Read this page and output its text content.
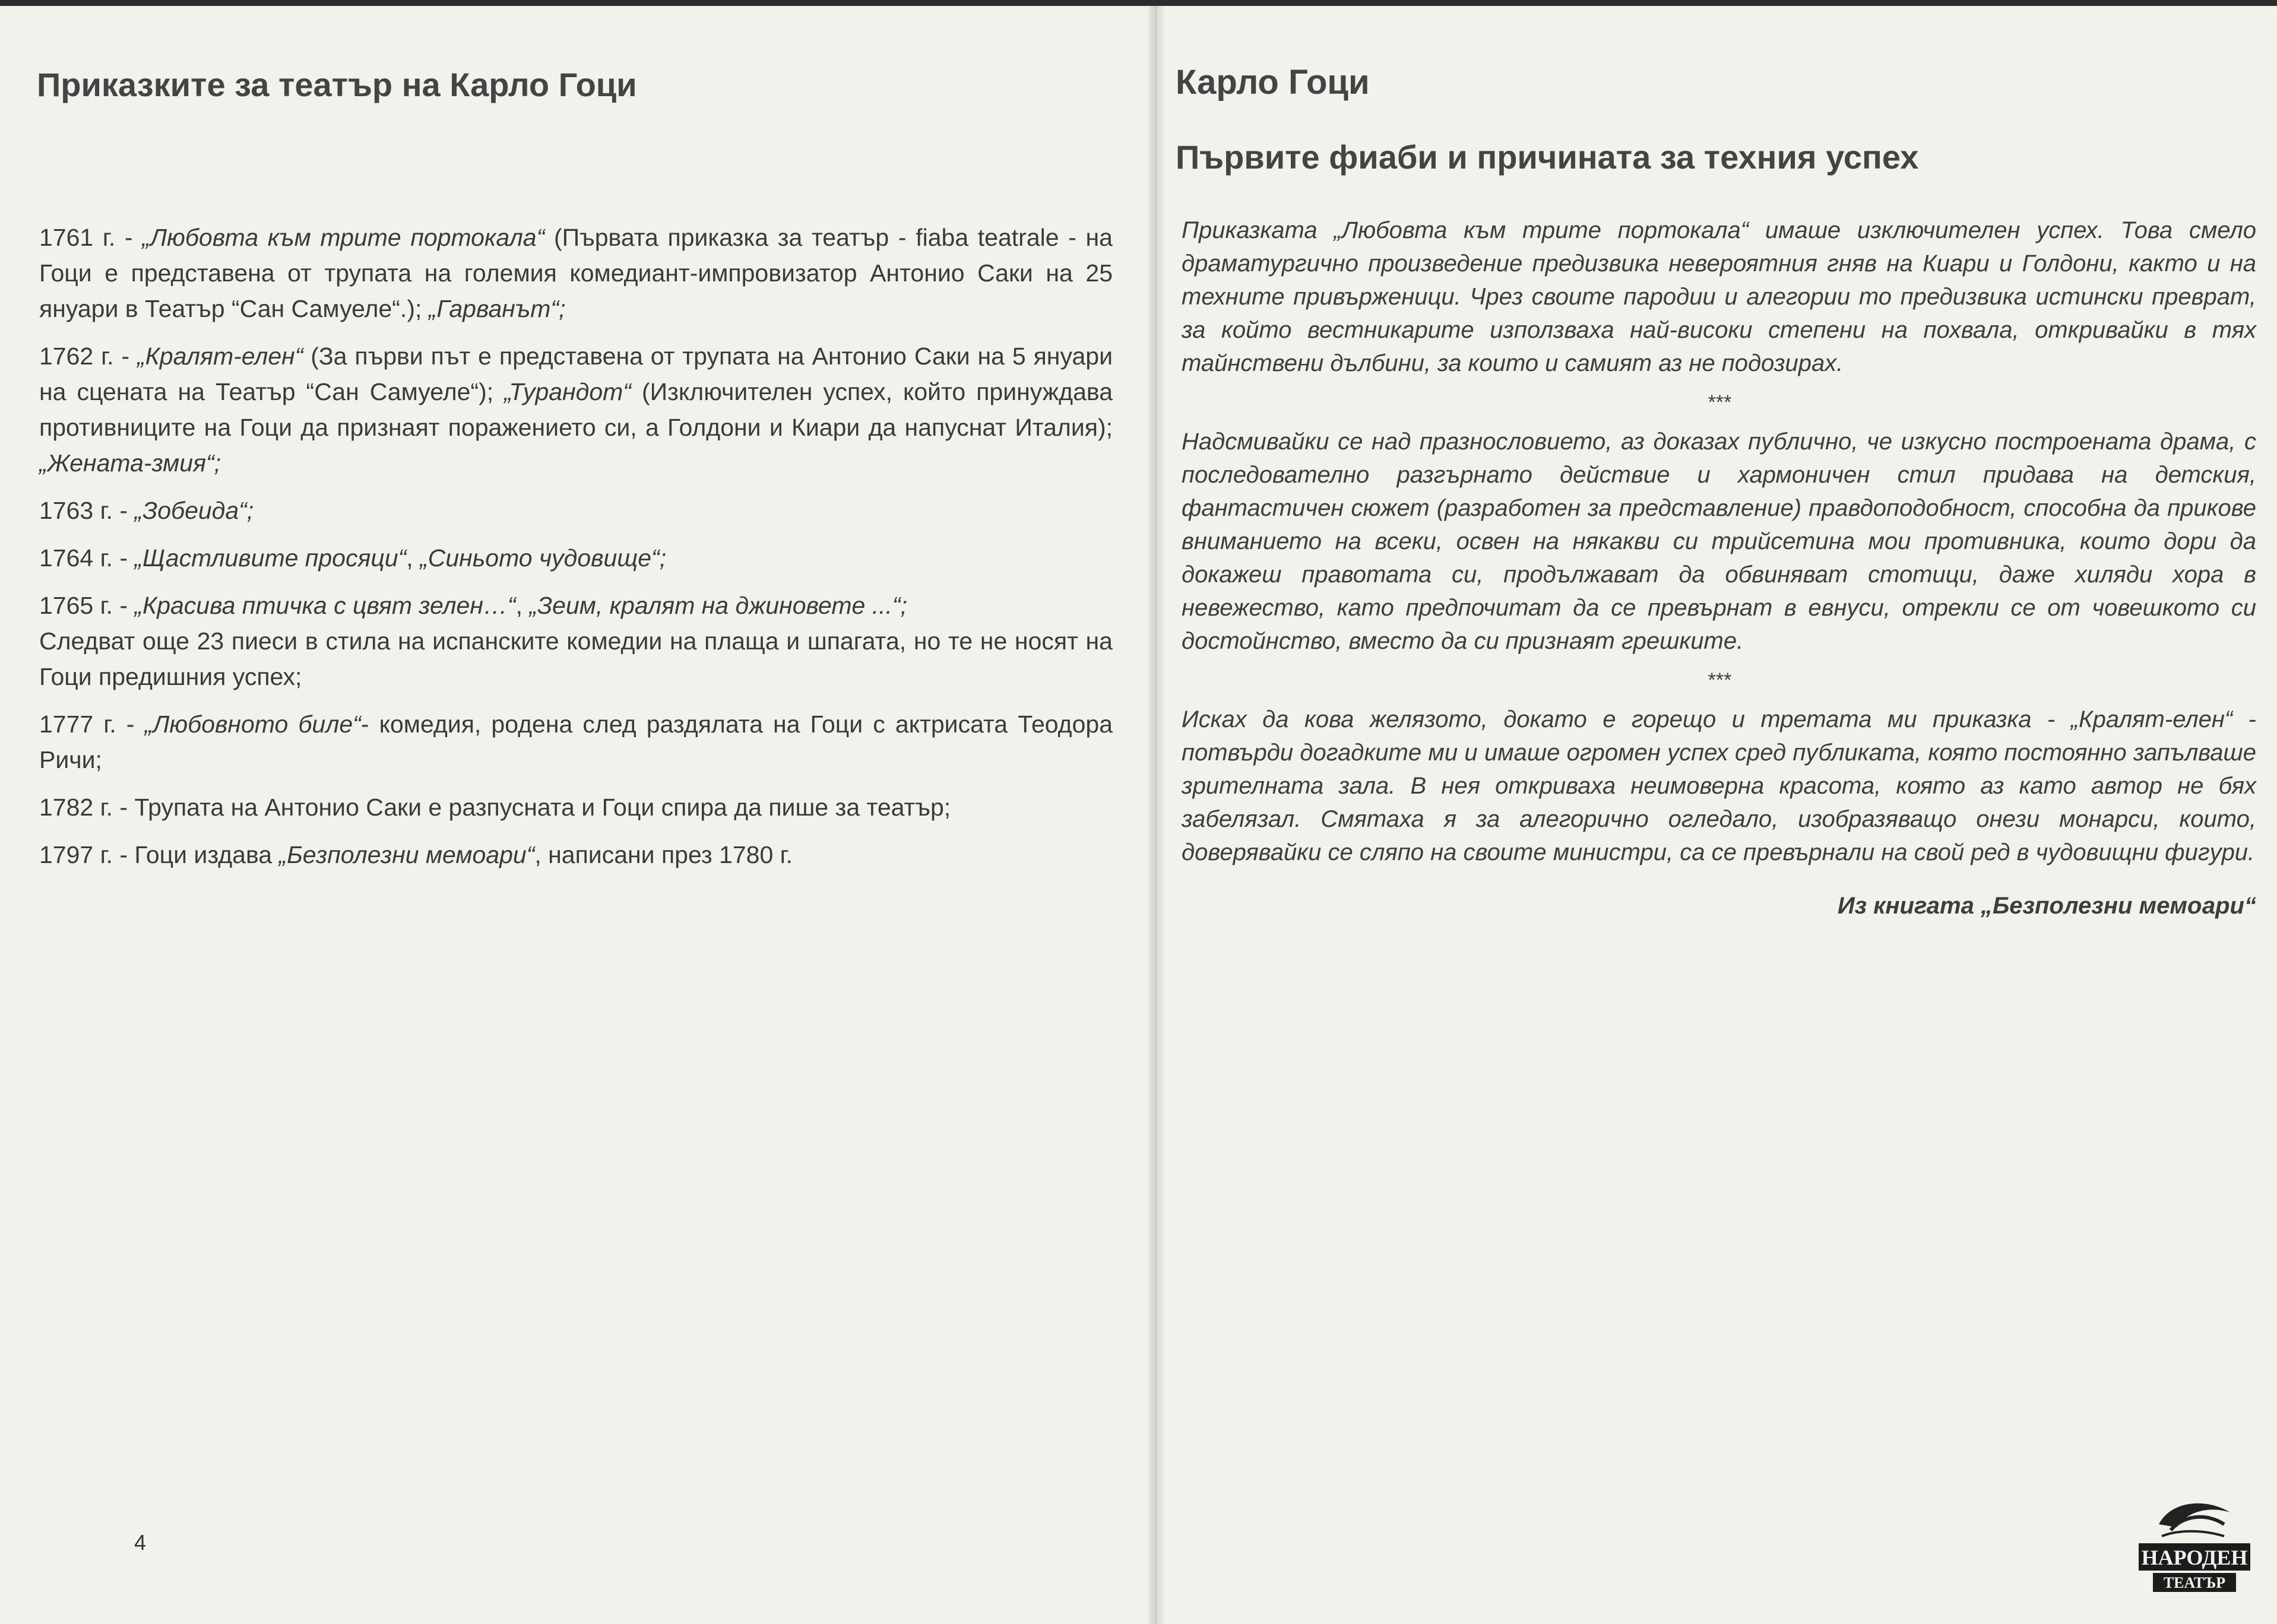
Приказките за театър на Карло Гоци
1761 г. - „Любовта към трите портокала“ (Първата приказка за театър - fiaba teatrale - на Гоци е представена от трупата на големия комедиант-импровизатор Антонио Саки на 25 януари в Театър “Сан Самуеле“.); „Гарванът“;
1762 г. - „Кралят-елен“ (За първи път е представена от трупата на Антонио Саки на 5 януари на сцената на Театър “Сан Самуеле“); „Турандот“ (Изключителен успех, който принуждава противниците на Гоци да признаят поражението си, а Голдони и Киари да напуснат Италия); „Жената-змия“;
1763 г. - „Зобеида“;
1764 г. - „Щастливите просяци“, „Синьото чудовище“;

1765 г. - „Красива птичка с цвят зелен…“, „Зеим, кралят на джиновете ...“;

Следват още 23 пиеси в стила на испанските комедии на плаща и шпагата, но те не носят на Гоци предишния успех;

1777 г. - „Любовното биле“- комедия, родена след раздялата на Гоци с актрисата Теодора Ричи;
1782 г. - Трупата на Антонио Саки е разпусната и Гоци спира да пише за театър;
1797 г. - Гоци издава „Безполезни мемоари“, написани през 1780 г.
4
Карло Гоци
Първите фиаби и причината за техния успех

Приказката „Любовта към трите портокала“ имаше изключителен успех. Това смело драматургично произведение предизвика невероятния гняв на Киари и Голдони, както и на техните привърженици. Чрез своите пародии и алегории то предизвика истински преврат, за който вестникарите използваха най-високи степени на похвала, откривайки в тях тайнствени дълбини, за които и самият аз не подозирах.

***

Надсмивайки се над празнословието, аз доказах публично, че изкусно построената драма, с последователно разгърнато действие и хармоничен стил придава на детския, фантастичен сюжет (разработен за представление) правдоподобност, способна да прикове вниманието на всеки, освен на някакви си трийсетина мои противника, които дори да докажеш правотата си, продължават да обвиняват стотици, даже хиляди хора в невежество, като предпочитат да се превърнат в евнуси, отрекли се от човешкото си достойнство, вместо да си признаят грешките.

***

Исках да кова желязото, докато е горещо и третата ми приказка - „Кралят-елен“ - потвърди догадките ми и имаше огромен успех сред публиката, която постоянно запълваше зрителната зала. В нея откриваха неимоверна красота, която аз като автор не бях забелязал. Смятаха я за алегорично огледало, изобразяващо онези монарси, които, доверявайки се сляпо на своите министри, са се превърнали на свой ред в чудовищни фигури.

Из книгата „Безполезни мемоари“
НАРОДЕН
ТЕАТЪР
